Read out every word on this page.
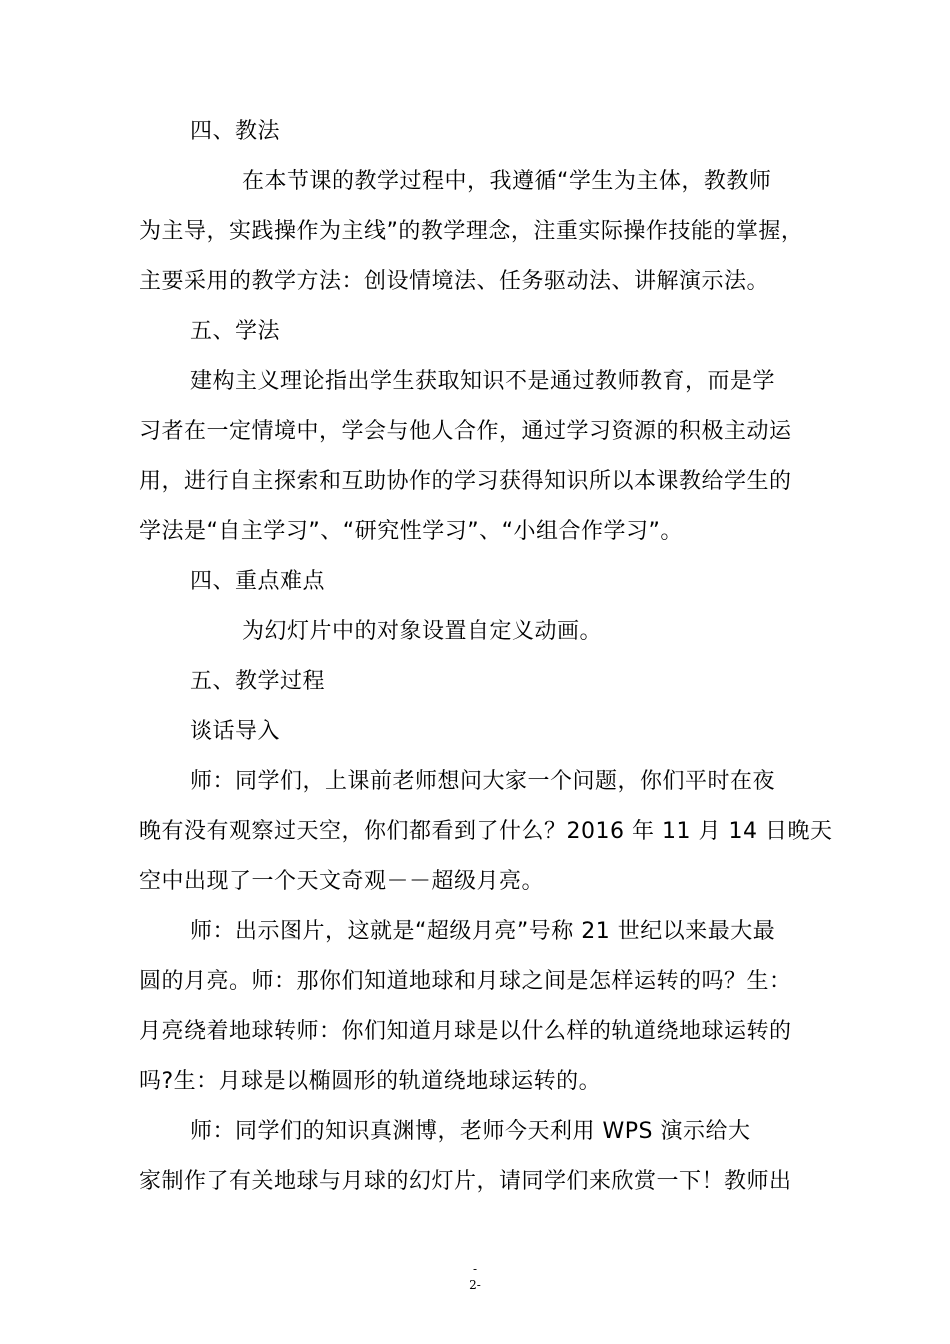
四、教法
在本节课的教学过程中，我遵循“学生为主体，教教师
为主导，实践操作为主线”的教学理念，注重实际操作技能的掌握，
主要采用的教学方法：创设情境法、任务驱动法、讲解演示法。
五、学法
建构主义理论指出学生获取知识不是通过教师教育，而是学
习者在一定情境中，学会与他人合作，通过学习资源的积极主动运
用，进行自主探索和互助协作的学习获得知识所以本课教给学生的
学法是“自主学习”、“研究性学习”、“小组合作学习”。
四、重点难点
为幻灯片中的对象设置自定义动画。
五、教学过程
谈话导入
师：同学们，上课前老师想问大家一个问题，你们平时在夜
晚有没有观察过天空，你们都看到了什么？2016 年 11 月 14 日晚天
空中出现了一个天文奇观－－超级月亮。
师：出示图片，这就是“超级月亮”号称 21 世纪以来最大最
圆的月亮。师：那你们知道地球和月球之间是怎样运转的吗？生：
月亮绕着地球转师：你们知道月球是以什么样的轨道绕地球运转的
吗?生：月球是以椭圆形的轨道绕地球运转的。
师：同学们的知识真渊博，老师今天利用 WPS 演示给大
家制作了有关地球与月球的幻灯片，请同学们来欣赏一下！教师出
-
2-
